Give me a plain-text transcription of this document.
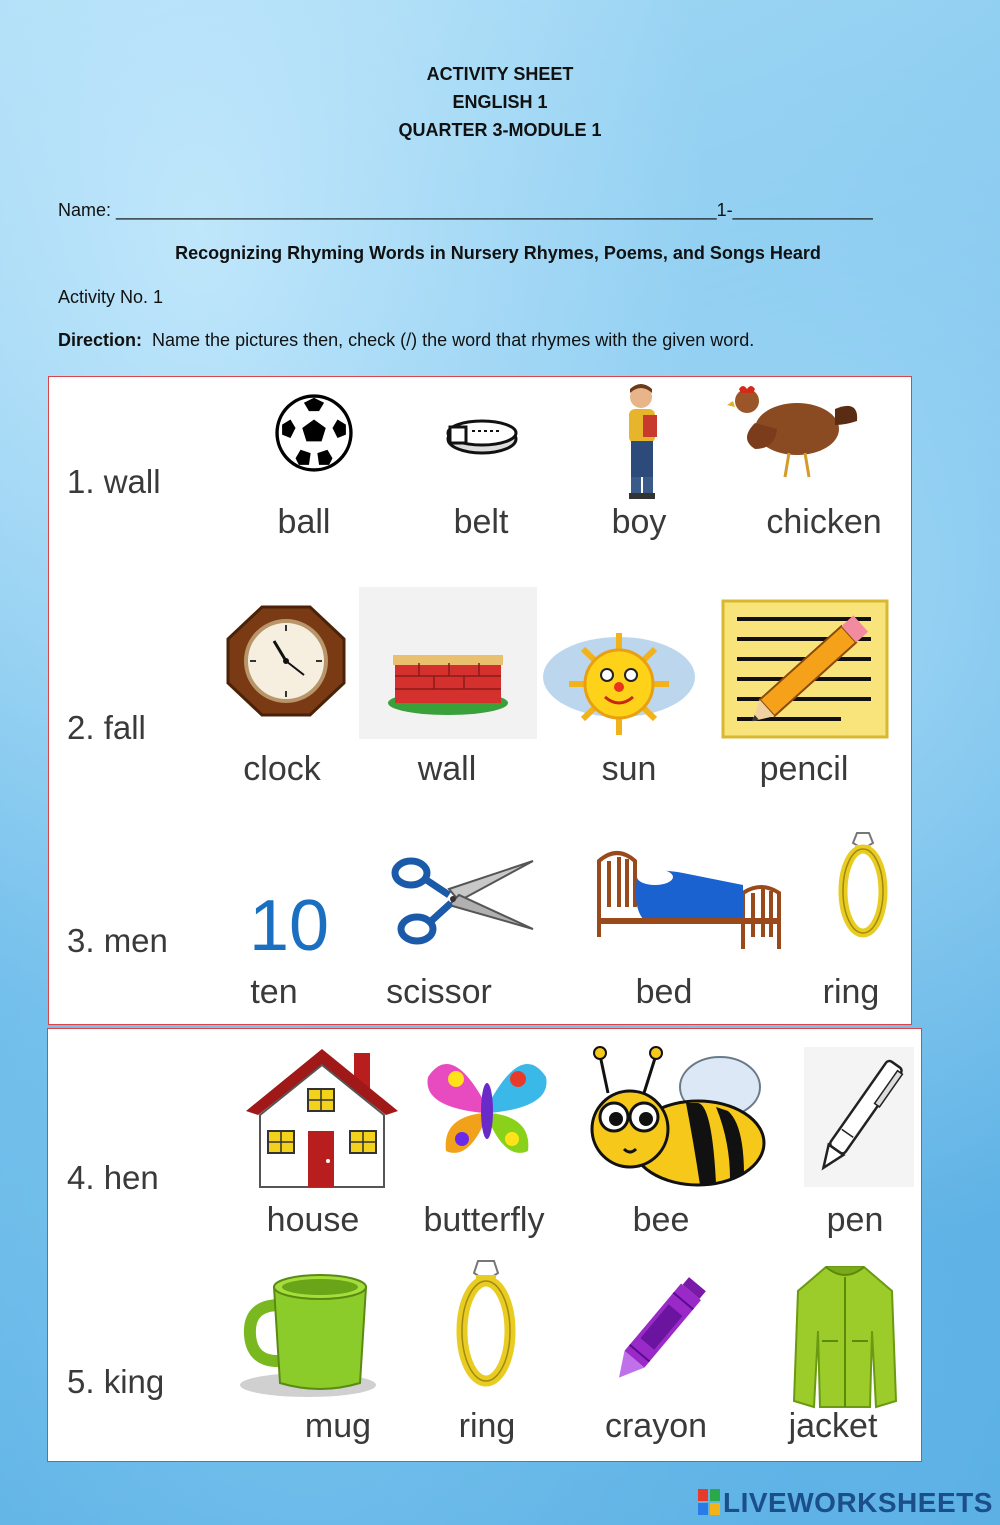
ACTIVITY SHEET
ENGLISH 1
QUARTER 3-MODULE 1
Name: ____________________________________________________________1-______________
Recognizing Rhyming Words in Nursery Rhymes, Poems, and Songs Heard
Activity No. 1
Direction: Name the pictures then, check (/) the word that rhymes with the given word.
1. wall
ball	belt	boy	chicken
2. fall
clock	wall	sun	pencil
3. men 10
ten	scissor	bed	ring
4. hen
house	butterfly	bee	pen
5. king
mug	ring	crayon	jacket
LIVEWORKSHEETS
